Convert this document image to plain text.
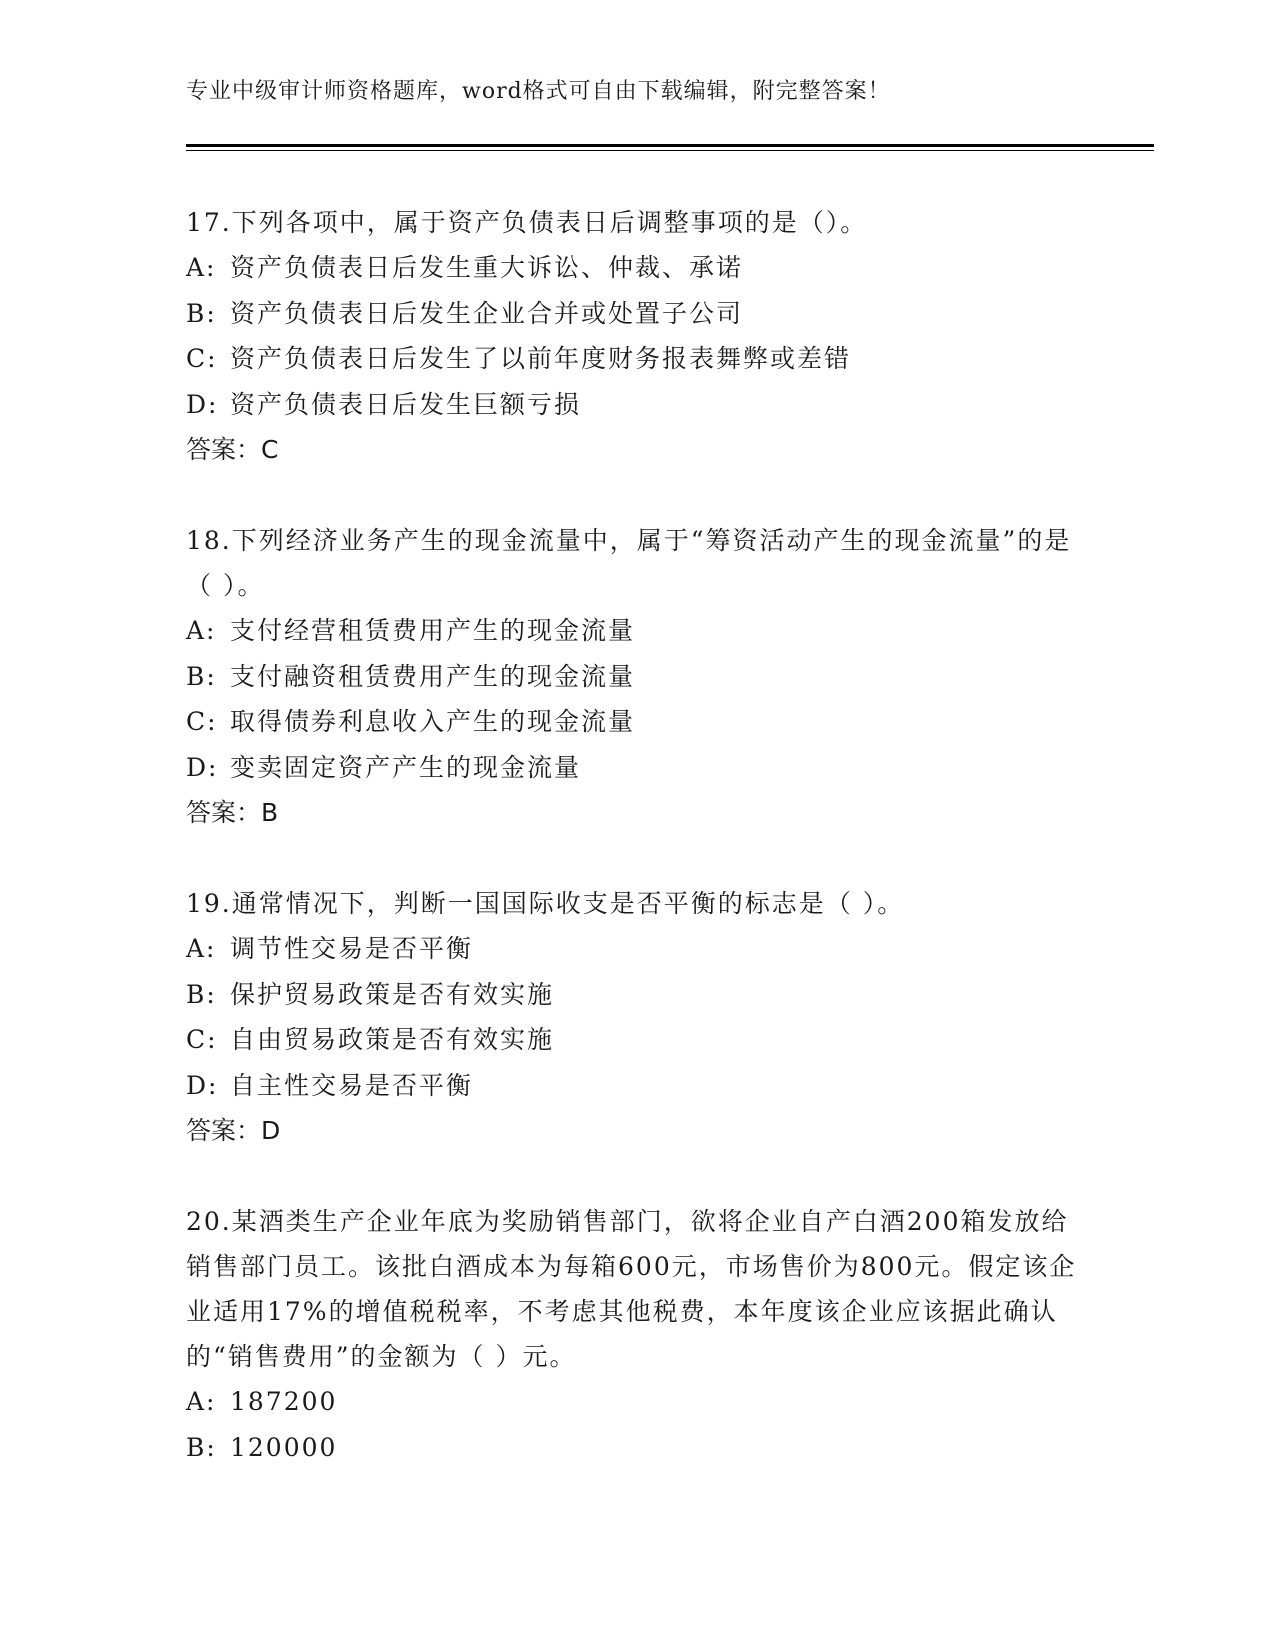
专业中级审计师资格题库，word格式可自由下载编辑，附完整答案！

17.下列各项中，属于资产负债表日后调整事项的是（）。

A: 资产负债表日后发生重大诉讼、仲裁、承诺

B: 资产负债表日后发生企业合并或处置子公司

C: 资产负债表日后发生了以前年度财务报表舞弊或差错

D: 资产负债表日后发生巨额亏损

答案：C

18.下列经济业务产生的现金流量中，属于“筹资活动产生的现金流量”的是（ ）。

A: 支付经营租赁费用产生的现金流量

B: 支付融资租赁费用产生的现金流量

C: 取得债券利息收入产生的现金流量

D: 变卖固定资产产生的现金流量

答案：B

19.通常情况下，判断一国国际收支是否平衡的标志是（ ）。

A: 调节性交易是否平衡

B: 保护贸易政策是否有效实施

C: 自由贸易政策是否有效实施

D: 自主性交易是否平衡

答案：D

20.某酒类生产企业年底为奖励销售部门，欲将企业自产白酒200箱发放给销售部门员工。该批白酒成本为每箱600元，市场售价为800元。假定该企业适用17%的增值税税率，不考虑其他税费，本年度该企业应该据此确认的“销售费用”的金额为（ ）元。

A: 187200

B: 120000
